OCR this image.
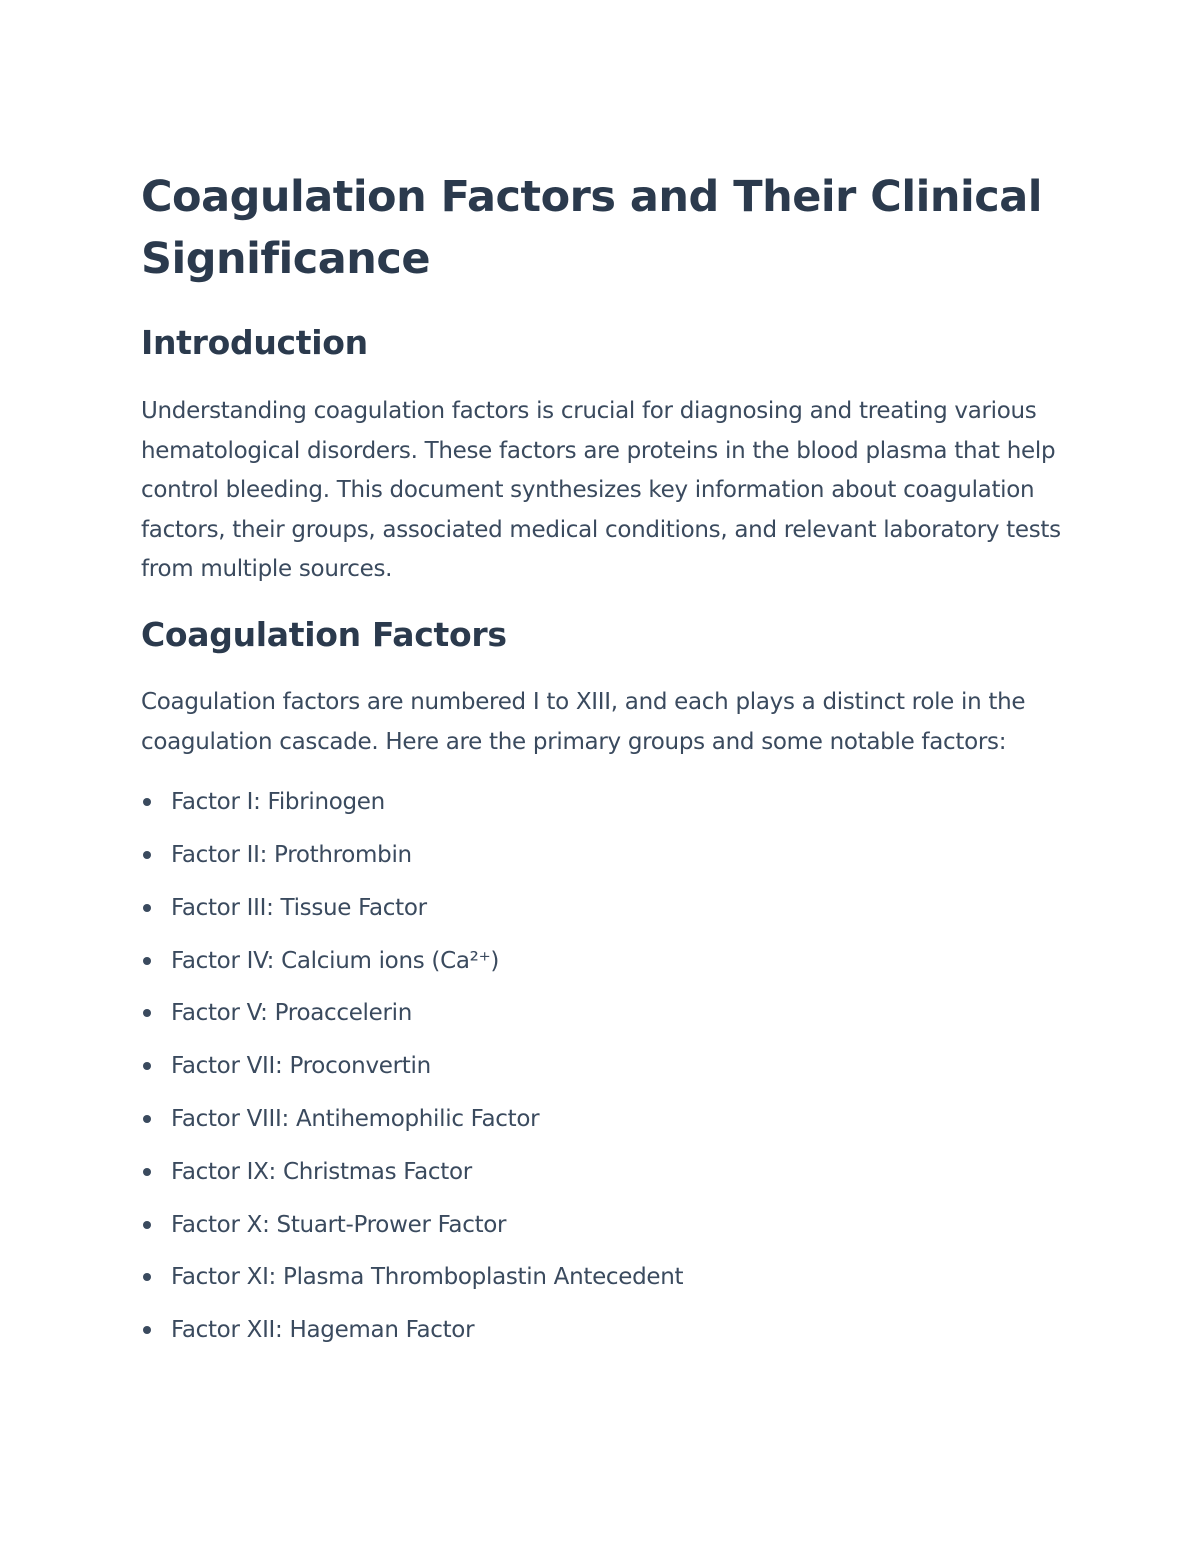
Coagulation Factors and Their Clinical Significance
Introduction

Understanding coagulation factors is crucial for diagnosing and treating various hematological disorders. These factors are proteins in the blood plasma that help control bleeding. This document synthesizes key information about coagulation factors, their groups, associated medical conditions, and relevant laboratory tests from multiple sources.

Coagulation Factors

Coagulation factors are numbered I to XIII, and each plays a distinct role in the coagulation cascade. Here are the primary groups and some notable factors:

Factor I: Fibrinogen
Factor II: Prothrombin
Factor III: Tissue Factor
Factor IV: Calcium ions (Ca²⁺)
Factor V: Proaccelerin
Factor VII: Proconvertin
Factor VIII: Antihemophilic Factor
Factor IX: Christmas Factor
Factor X: Stuart-Prower Factor
Factor XI: Plasma Thromboplastin Antecedent
Factor XII: Hageman Factor
